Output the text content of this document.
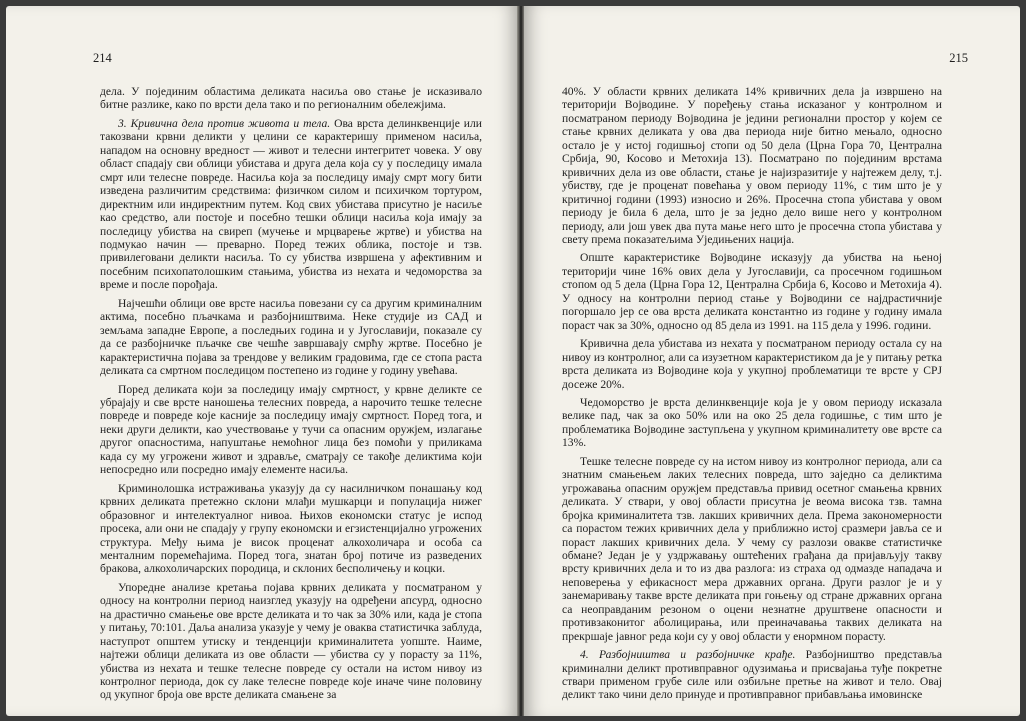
214

дела. У појединим областима деликата насиља ово стање је исказивало битне разлике, како по врсти дела тако и по регионалним обележјима.

3. Кривична дела против живота и тела. Ова врста делинквенције или такозвани крвни деликти у целини се карактеришу применом насиља, нападом на основну вредност — живот и телесни интегритет човека. У ову област спадају сви облици убистава и друга дела која су у последицу имала смрт или телесне повреде. Насиља која за последицу имају смрт могу бити изведена различитим средствима: физичком силом и психичком тортуром, директним или индиректним путем. Код свих убистава присутно је насиље као средство, али постоје и посебно тешки облици насиља која имају за последицу убиства на свиреп (мучење и мрцварење жртве) и убиства на подмукао начин — преварно. Поред тежих облика, постоје и тзв. привилеговани деликти насиља. То су убиства извршена у афективним и посебним психопатолошким стањима, убиства из нехата и чедоморства за време и после порођаја.

Најчешћи облици ове врсте насиља повезани су са другим криминалним актима, посебно пљачкама и разбојништвима. Неке студије из САД и земљама западне Европе, а последњих година и у Југославији, показале су да се разбојничке пљачке све чешће завршавају смрћу жртве. Посебно је карактеристична појава за трендове у великим градовима, где се стопа раста деликата са смртном последицом постепено из године у годину увећава.

Поред деликата који за последицу имају смртност, у крвне деликте се убрајају и све врсте наношења телесних повреда, а нарочито тешке телесне повреде и повреде које касније за последицу имају смртност. Поред тога, и неки други деликти, као учествовање у тучи са опасним оружјем, излагање другог опасностима, напуштање немоћног лица без помоћи у приликама када су му угрожени живот и здравље, сматрају се такође деликтима који непосредно или посредно имају елементе насиља.

Криминолошка истраживања указују да су насилничком понашању код крвних деликата претежно склони млађи мушкарци и популација нижег образовног и интелектуалног нивоа. Њихов економски статус је испод просека, али они не спадају у групу економски и егзистенцијално угрожених структура. Међу њима је висок проценат алкохоличара и особа са менталним поремећајима. Поред тога, знатан број потиче из разведених бракова, алкохоличарских породица, и склоних бесполичењу и коцки.

Упоредне анализе кретања појава крвних деликата у посматраном у односу на контролни период наизглед указују на одређени апсурд, односно на драстично смањење ове врсте деликата и то чак за 30% или, када је стопа у питању, 70:101. Даља анализа указује у чему је оваква статистичка заблуда, наступрот општем утиску и тенденцији криминалитета уопште. Наиме, најтежи облици деликата из ове области — убиства су у порасту за 11%, убиства из нехата и тешке телесне повреде су остали на истом нивоу из контролног периода, док су лаке телесне повреде које иначе чине половину од укупног броја ове врсте деликата смањене за

215

40%. У области крвних деликата 14% кривичних дела ја извршено на територији Војводине. У поређењу стања исказаног у контролном и посматраном периоду Војводина је једини регионални простор у којем се стање крвних деликата у ова два периода није битно мењало, односно остало је у истој годишњој стопи од 50 дела (Црна Гора 70, Централна Србија, 90, Косово и Метохија 13). Посматрано по појединим врстама кривичних дела из ове области, стање је најизразитије у најтежем делу, т.ј. убиству, где је проценат повећања у овом периоду 11%, с тим што је у критичној години (1993) износио и 26%. Просечна стопа убистава у овом периоду је била 6 дела, што је за једно дело више него у контролном периоду, али још увек два пута мање него што је просечна стопа убистава у свету према показатељима Уједињених нација.

Опште карактеристике Војводине исказују да убиства на њеној територији чине 16% ових дела у Југославији, са просечном годишњом стопом од 5 дела (Црна Гора 12, Централна Србија 6, Косово и Метохија 4). У односу на контролни период стање у Војводини се најдрастичније погоршало јер се ова врста деликата константно из године у годину имала пораст чак за 30%, односно од 85 дела из 1991. на 115 дела у 1996. години.

Кривична дела убистава из нехата у посматраном периоду остала су на нивоу из контролног, али са изузетном карактеристиком да је у питању ретка врста деликата из Војводине која у укупној проблематици те врсте у СРЈ досеже 20%.

Чедоморство је врста делинквенције која је у овом периоду исказала велике пад, чак за око 50% или на око 25 дела годишње, с тим што је проблематика Војводине заступљена у укупном криминалитету ове врсте са 13%.

Тешке телесне повреде су на истом нивоу из контролног периода, али са знатним смањењем лаких телесних повреда, што заједно са деликтима угрожавања опасним оружјем представља привид осетног смањења крвних деликата. У ствари, у овој области присутна је веома висока тзв. тамна бројка криминалитета тзв. лакших кривичних дела. Према закономерности са порастом тежих кривичних дела у приближно истој сразмери јавља се и пораст лакших кривичних дела. У чему су разлози овакве статистичке обмане? Један је у уздржавању оштећених грађана да пријављују такву врсту кривичних дела и то из два разлога: из страха од одмазде нападача и неповерења у ефикасност мера државних органа. Други разлог је и у занемаривању такве врсте деликата при гоњењу од стране државних органа са неоправданим резоном о оцени незнатне друштвене опасности и противзаконитог аболицирања, или преиначавања таквих деликата на прекршаје јавног реда који су у овој области у енормном порасту.

4. Разбојништва и разбојничке крађе. Разбојништво представља криминални деликт противправног одузимања и присвајања туђе покретне ствари применом грубе силе или озбиљне претње на живот и тело. Овај деликт тако чини дело принуде и противправног прибављања имовинске
